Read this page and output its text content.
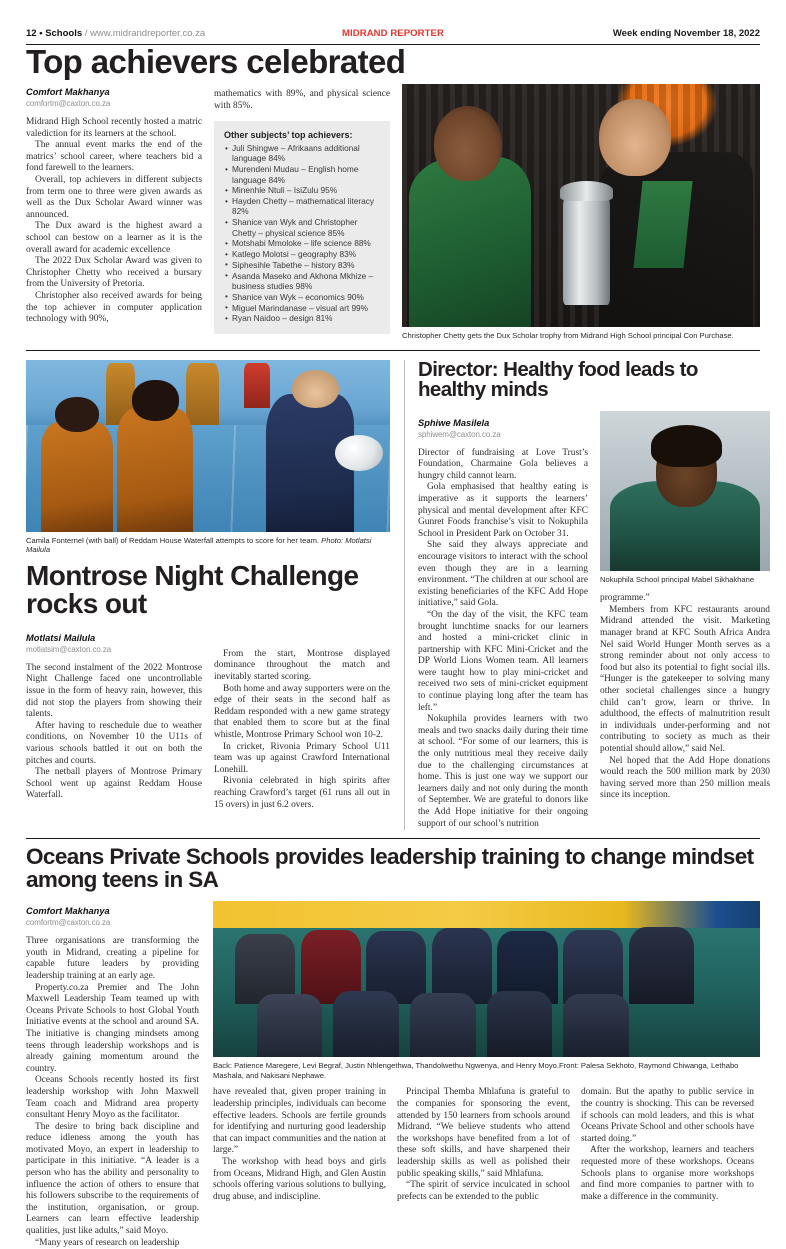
12 • Schools / www.midrandreporter.co.za	Week ending November 18, 2022
MIDRAND REPORTER
Top achievers celebrated
Comfort Makhanya
comfortm@caxton.co.za

Midrand High School recently hosted a matric valediction for its learners at the school.

The annual event marks the end of the matrics’ school career, where teachers bid a fond farewell to the learners.

Overall, top achievers in different subjects from term one to three were given awards as well as the Dux Scholar Award winner was announced.

The Dux award is the highest award a school can bestow on a learner as it is the overall award for academic excellence

The 2022 Dux Scholar Award was given to Christopher Chetty who received a bursary from the University of Pretoria.

Christopher also received awards for being the top achiever in computer application technology with 90%,

mathematics with 89%, and physical science with 85%.

Other subjects’ top achievers:
• Juli Shingwe – Afrikaans additional language 84%
• Murendeni Mudau – English home language 84%
• Minenhle Ntuli – IsiZulu 95%
• Hayden Chetty – mathematical literacy 82%
• Shanice van Wyk and Christopher Chetty – physical science 85%
• Motshabi Mmoloke – life science 88%
• Katlego Molotsi – geography 83%
• Siphesihle Tabethe – history 83%
• Asanda Maseko and Akhona Mkhize – business studies 98%
• Shanice van Wyk – economics 90%
• Miguel Marindanase – visual art 99%
• Ryan Naidoo – design 81%
Christopher Chetty gets the Dux Scholar trophy from Midrand High School principal Con Purchase.
Camila Fonternel (with ball) of Reddam House Waterfall attempts to score for her team. Photo: Motlatsi Mailula
Montrose Night Challenge rocks out
Motlatsi Mailula
motlatsim@caxton.co.za

The second instalment of the 2022 Montrose Night Challenge faced one uncontrollable issue in the form of heavy rain, however, this did not stop the players from showing their talents.

After having to reschedule due to weather conditions, on November 10 the U11s of various schools battled it out on both the pitches and courts.

The netball players of Montrose Primary School went up against Reddam House Waterfall.

From the start, Montrose displayed dominance throughout the match and inevitably started scoring.

Both home and away supporters were on the edge of their seats in the second half as Reddam responded with a new game strategy that enabled them to score but at the final whistle, Montrose Primary School won 10-2.

In cricket, Rivonia Primary School U11 team was up against Crawford International Lonehill.

Rivonia celebrated in high spirits after reaching Crawford’s target (61 runs all out in 15 overs) in just 6.2 overs.

Director: Healthy food leads to healthy minds
Sphiwe Masilela
sphiwem@caxton.co.za

Director of fundraising at Love Trust’s Foundation, Charmaine Gola believes a hungry child cannot learn.

Gola emphasised that healthy eating is imperative as it supports the learners’ physical and mental development after KFC Gunret Foods franchise’s visit to Nokuphila School in President Park on October 31.

She said they always appreciate and encourage visitors to interact with the school even though they are in a learning environment. “The children at our school are existing beneficiaries of the KFC Add Hope initiative,” said Gola.

“On the day of the visit, the KFC team brought lunchtime snacks for our learners and hosted a mini-cricket clinic in partnership with KFC Mini-Cricket and the DP World Lions Women team. All learners were taught how to play mini-cricket and received two sets of mini-cricket equipment to continue playing long after the team has left.”

Nokuphila provides learners with two meals and two snacks daily during their time at school. “For some of our learners, this is the only nutritious meal they receive daily due to the challenging circumstances at home. This is just one way we support our learners daily and not only during the month of September. We are grateful to donors like the Add Hope initiative for their ongoing support of our school’s nutrition

Nokuphila School principal Mabel Sikhakhane

programme.”

Members from KFC restaurants around Midrand attended the visit. Marketing manager brand at KFC South Africa Andra Nel said World Hunger Month serves as a strong reminder about not only access to food but also its potential to fight social ills. “Hunger is the gatekeeper to solving many other societal challenges since a hungry child can’t grow, learn or thrive. In adulthood, the effects of malnutrition result in individuals under-performing and not contributing to society as much as their potential should allow,” said Nel.

Nel hoped that the Add Hope donations would reach the 500 million mark by 2030 having served more than 250 million meals since its inception.

Oceans Private Schools provides leadership training to change mindset among teens in SA
Comfort Makhanya
comfortm@caxton.co.za

Three organisations are transforming the youth in Midrand, creating a pipeline for capable future leaders by providing leadership training at an early age.

Property.co.za Premier and The John Maxwell Leadership Team teamed up with Oceans Private Schools to host Global Youth Initiative events at the school and around SA. The initiative is changing mindsets among teens through leadership workshops and is already gaining momentum around the country.

Oceans Schools recently hosted its first leadership workshop with John Maxwell Team coach and Midrand area property consultant Henry Moyo as the facilitator.

The desire to bring back discipline and reduce idleness among the youth has motivated Moyo, an expert in leadership to participate in this initiative. “A leader is a person who has the ability and personality to influence the action of others to ensure that his followers subscribe to the requirements of the institution, organisation, or group. Learners can learn effective leadership qualities, just like adults,” said Moyo.

“Many years of research on leadership

Back: Patience Maregere, Levi Begraf, Justin Nhlengethwa, Thandolwethu Ngwenya, and Henry Moyo.Front: Palesa Sekhoto, Raymond Chiwanga, Lethabo Mashala, and Nakisani Nephawe.

have revealed that, given proper training in leadership principles, individuals can become effective leaders. Schools are fertile grounds for identifying and nurturing good leadership that can impact communities and the nation at large.”

The workshop with head boys and girls from Oceans, Midrand High, and Glen Austin schools offering various solutions to bullying, drug abuse, and indiscipline.

Principal Themba Mhlafuna is grateful to the companies for sponsoring the event, attended by 150 learners from schools around Midrand. “We believe students who attend the workshops have benefited from a lot of these soft skills, and have sharpened their leadership skills as well as polished their public speaking skills,” said Mhlafuna.

“The spirit of service inculcated in school prefects can be extended to the public

domain. But the apathy to public service in the country is shocking. This can be reversed if schools can mold leaders, and this is what Oceans Private School and other schools have started doing.”

After the workshop, learners and teachers requested more of these workshops. Oceans Schools plans to organise more workshops and find more companies to partner with to make a difference in the community.
